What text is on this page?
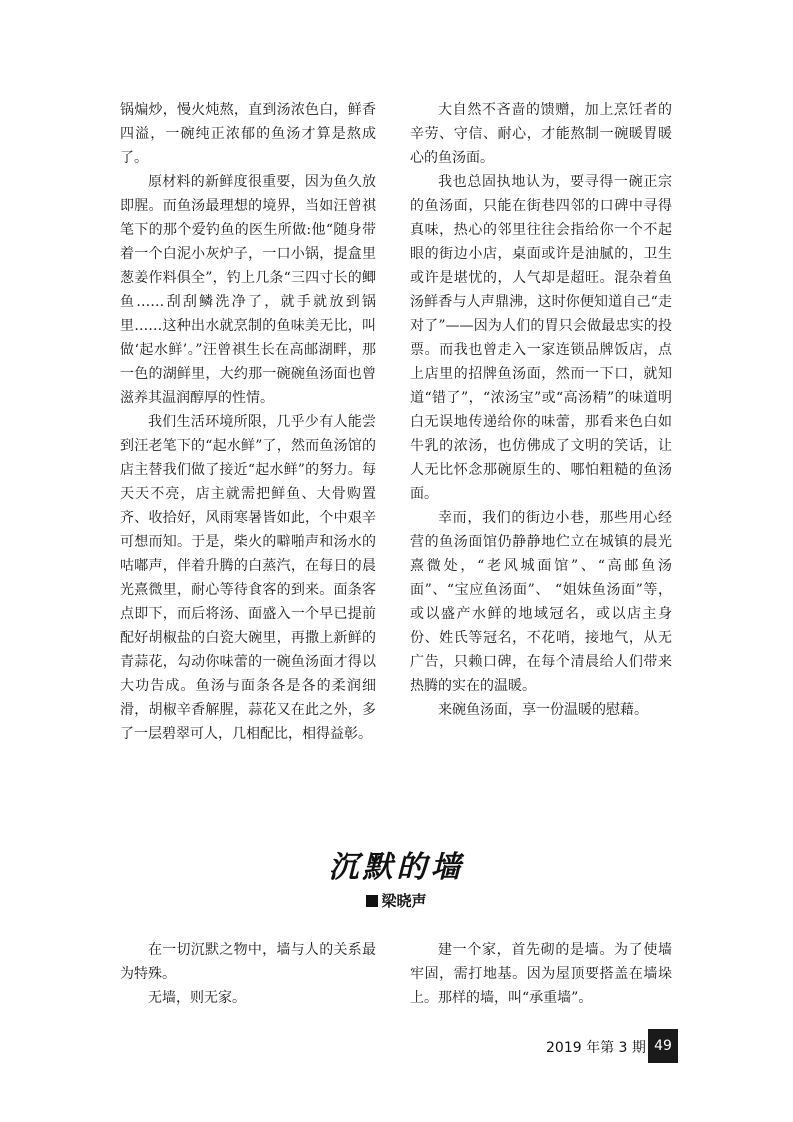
锅煸炒，慢火炖熬，直到汤浓色白，鲜香四溢，一碗纯正浓郁的鱼汤才算是熬成了。

原材料的新鲜度很重要，因为鱼久放即腥。而鱼汤最理想的境界，当如汪曾祺笔下的那个爱钓鱼的医生所做:他“随身带着一个白泥小灰炉子，一口小锅，提盒里葱姜作料俱全”，钓上几条“三四寸长的鲫鱼……刮刮鳞洗净了，就手就放到锅里……这种出水就烹制的鱼味美无比，叫做‘起水鲜’。”汪曾祺生长在高邮湖畔，那一色的湖鲜里，大约那一碗碗鱼汤面也曾滋养其温润醇厚的性情。

我们生活环境所限，几乎少有人能尝到汪老笔下的“起水鲜”了，然而鱼汤馆的店主替我们做了接近“起水鲜”的努力。每天天不亮，店主就需把鲜鱼、大骨购置齐、收拾好，风雨寒暑皆如此，个中艰辛可想而知。于是，柴火的噼啪声和汤水的咕嘟声，伴着升腾的白蒸汽，在每日的晨光熹微里，耐心等待食客的到来。面条客点即下，而后将汤、面盛入一个早已提前配好胡椒盐的白瓷大碗里，再撒上新鲜的青蒜花，勾动你味蕾的一碗鱼汤面才得以大功告成。鱼汤与面条各是各的柔润细滑，胡椒辛香解腥，蒜花又在此之外，多了一层碧翠可人，几相配比，相得益彰。

大自然不吝啬的馈赠，加上烹饪者的辛劳、守信、耐心，才能熬制一碗暖胃暖心的鱼汤面。

我也总固执地认为，要寻得一碗正宗的鱼汤面，只能在街巷四邻的口碑中寻得真味，热心的邻里往往会指给你一个不起眼的街边小店，桌面或许是油腻的，卫生或许是堪忧的，人气却是超旺。混杂着鱼汤鲜香与人声鼎沸，这时你便知道自己“走对了”——因为人们的胃只会做最忠实的投票。而我也曾走入一家连锁品牌饭店，点上店里的招牌鱼汤面，然而一下口，就知道“错了”，“浓汤宝”或“高汤精”的味道明白无误地传递给你的味蕾，那看来色白如牛乳的浓汤，也仿佛成了文明的笑话，让人无比怀念那碗原生的、哪怕粗糙的鱼汤面。

幸而，我们的街边小巷，那些用心经营的鱼汤面馆仍静静地伫立在城镇的晨光熹微处，“老风城面馆”、“高邮鱼汤面”、“宝应鱼汤面”、 “姐妹鱼汤面”等，或以盛产水鲜的地域冠名，或以店主身份、姓氏等冠名，不花哨，接地气，从无广告，只赖口碑，在每个清晨给人们带来热腾的实在的温暖。

来碗鱼汤面，享一份温暖的慰藉。

沉默的墙
梁晓声

在一切沉默之物中，墙与人的关系最为特殊。

无墙，则无家。

建一个家，首先砌的是墙。为了使墙牢固，需打地基。因为屋顶要搭盖在墙垛上。那样的墙，叫“承重墙”。

2019 年第 3 期 49
